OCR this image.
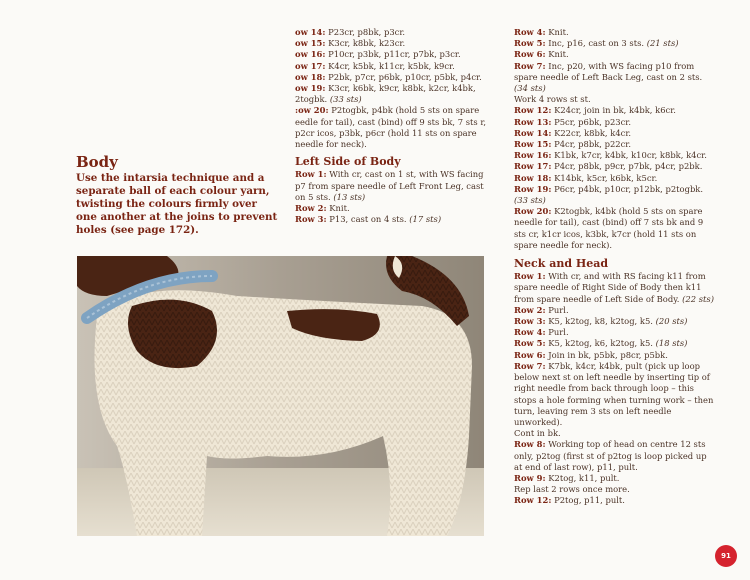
Body
Use the intarsia technique and a separate ball of each colour yarn, twisting the colours firmly over one another at the joins to prevent holes (see page 172).

ow 14: P23cr, p8bk, p3cr.

ow 15: K3cr, k8bk, k23cr.

ow 16: P10cr, p3bk, p11cr, p7bk, p3cr.

ow 17: K4cr, k5bk, k11cr, k5bk, k9cr.

ow 18: P2bk, p7cr, p6bk, p10cr, p5bk, p4cr.

ow 19: K3cr, k6bk, k9cr, k8bk, k2cr, k4bk, 2togbk. (33 sts)

:ow 20: P2togbk, p4bk (hold 5 sts on spare eedle for tail), cast (bind) off 9 sts bk, 7 sts r, p2cr icos, p3bk, p6cr (hold 11 sts on spare needle for neck).

Left Side of Body

Row 1: With cr, cast on 1 st, with WS facing p7 from spare needle of Left Front Leg, cast on 5 sts. (13 sts)

Row 2: Knit.

Row 3: P13, cast on 4 sts. (17 sts)

Row 4: Knit.

Row 5: Inc, p16, cast on 3 sts. (21 sts)

Row 6: Knit.

Row 7: Inc, p20, with WS facing p10 from spare needle of Left Back Leg, cast on 2 sts. (34 sts)

Work 4 rows st st.

Row 12: K24cr, join in bk, k4bk, k6cr.

Row 13: P5cr, p6bk, p23cr.

Row 14: K22cr, k8bk, k4cr.

Row 15: P4cr, p8bk, p22cr.

Row 16: K1bk, k7cr, k4bk, k10cr, k8bk, k4cr.

Row 17: P4cr, p8bk, p9cr, p7bk, p4cr, p2bk.

Row 18: K14bk, k5cr, k6bk, k5cr.

Row 19: P6cr, p4bk, p10cr, p12bk, p2togbk. (33 sts)

Row 20: K2togbk, k4bk (hold 5 sts on spare needle for tail), cast (bind) off 7 sts bk and 9 sts cr, k1cr icos, k3bk, k7cr (hold 11 sts on spare needle for neck).

Neck and Head

Row 1: With cr, and with RS facing k11 from spare needle of Right Side of Body then k11 from spare needle of Left Side of Body. (22 sts)

Row 2: Purl.

Row 3: K5, k2tog, k8, k2tog, k5. (20 sts)

Row 4: Purl.

Row 5: K5, k2tog, k6, k2tog, k5. (18 sts)

Row 6: Join in bk, p5bk, p8cr, p5bk.

Row 7: K7bk, k4cr, k4bk, pult (pick up loop below next st on left needle by inserting tip of right needle from back through loop – this stops a hole forming when turning work – then turn, leaving rem 3 sts on left needle unworked).

Cont in bk.

Row 8: Working top of head on centre 12 sts only, p2tog (first st of p2tog is loop picked up at end of last row), p11, pult.

Row 9: K2tog, k11, pult.

Rep last 2 rows once more.

Row 12: P2tog, p11, pult.

91
